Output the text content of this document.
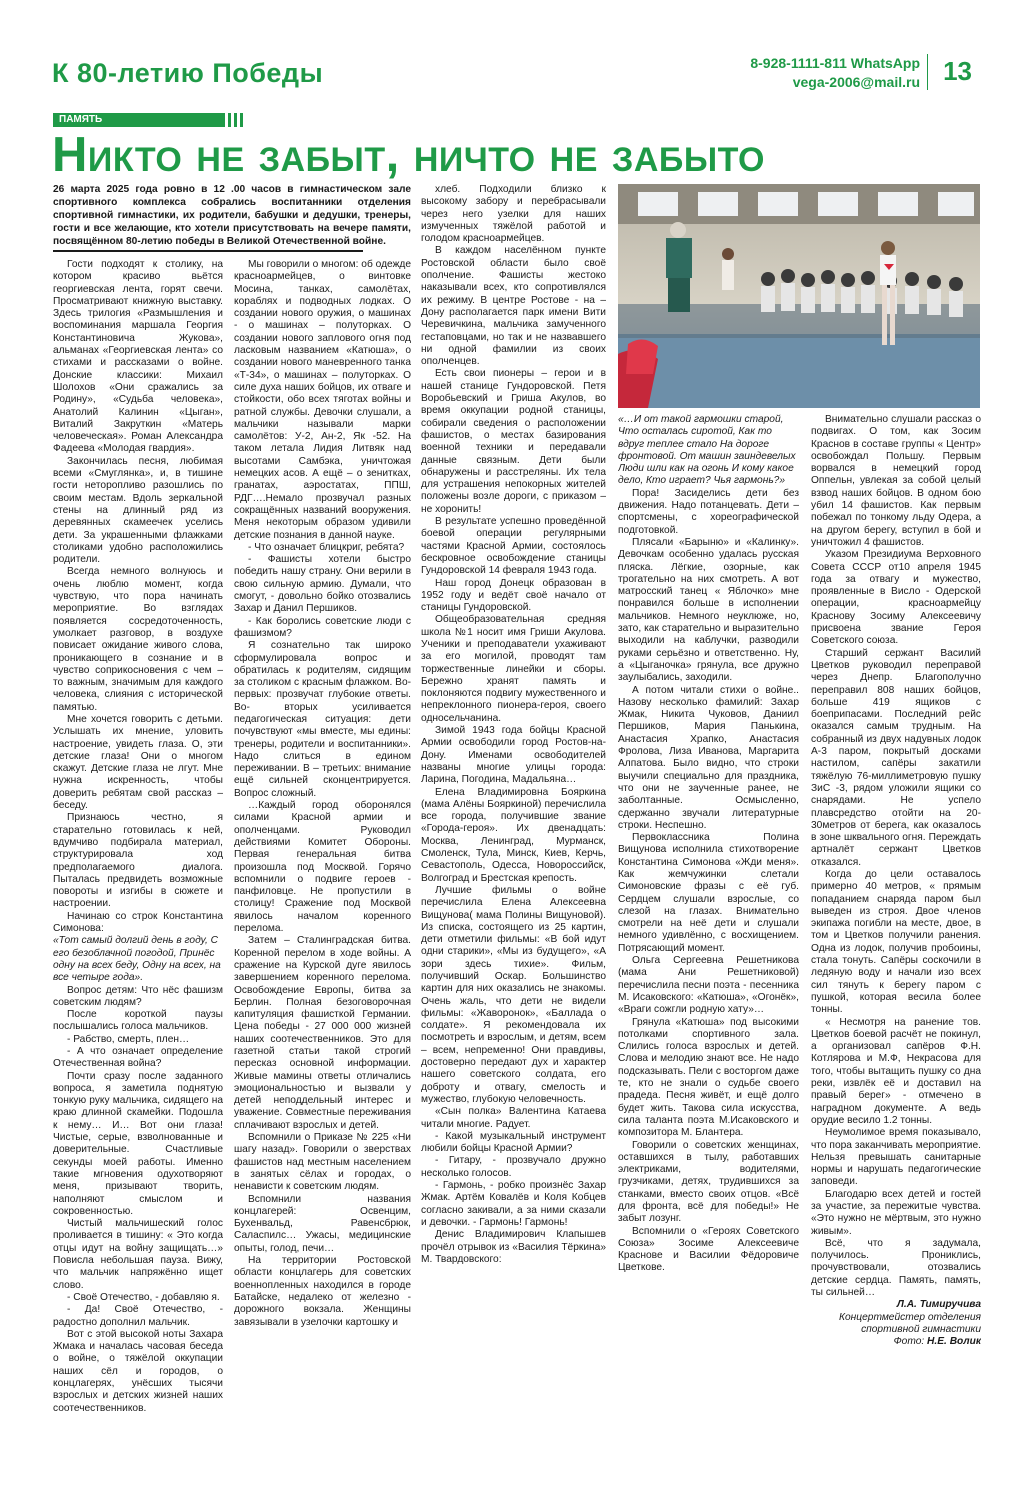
К 80-летию Победы	8-928-1111-811 WhatsApp
vega-2006@mail.ru 13
ПАМЯТЬ
Никто не забыт, ничто не забыто
26 марта 2025 года ровно в 12 .00 часов в гимнастическом зале спортивного комплекса собрались воспитанники отделения спортивной гимнастики, их родители, бабушки и дедушки, тренеры, гости и все желающие, кто хотели присутствовать на вечере памяти, посвящённом 80-летию победы в Великой Отечественной войне.

Гости подходят к столику, на котором красиво вьётся георгиевская лента, горят свечи. Просматривают книжную выставку. Здесь трилогия «Размышления и воспоминания маршала Георгия Константиновича Жукова», альманах «Георгиевская лента» со стихами и рассказами о войне. Донские классики: Михаил Шолохов «Они сражались за Родину», «Судьба человека», Анатолий Калинин «Цыган», Виталий Закруткин «Матерь человеческая». Роман Александра Фадеева «Молодая гвардия».

Закончилась песня, любимая всеми «Смуглянка», и, в тишине гости неторопливо разошлись по своим местам. Вдоль зеркальной стены на длинный ряд из деревянных скамеечек уселись дети. За украшенными флажками столиками удобно расположились родители.

Всегда немного волнуюсь и очень люблю момент, когда чувствую, что пора начинать мероприятие. Во взглядах появляется сосредоточенность, умолкает разговор, в воздухе повисает ожидание живого слова, проникающего в сознание и в чувство соприкосновения с чем – то важным, значимым для каждого человека, слияния с исторической памятью.

Мне хочется говорить с детьми. Услышать их мнение, уловить настроение, увидеть глаза. О, эти детские глаза! Они о многом скажут. Детские глаза не лгут. Мне нужна искренность, чтобы доверить ребятам свой рассказ – беседу.

Признаюсь честно, я старательно готовилась к ней, вдумчиво подбирала материал, структурировала ход предполагаемого диалога. Пыталась предвидеть возможные повороты и изгибы в сюжете и настроении.

Начинаю со строк Константина Симонова:

«Тот самый долгий день в году, С его безоблачной погодой, Принёс одну на всех беду, Одну на всех, на все четыре года».

Вопрос детям: Что нёс фашизм советским людям?

После короткой паузы послышались голоса мальчиков.

- Рабство, смерть, плен…

- А что означает определение Отечественная война?

Почти сразу после заданного вопроса, я заметила поднятую тонкую руку мальчика, сидящего на краю длинной скамейки. Подошла к нему… И… Вот они глаза! Чистые, серые, взволнованные и доверительные. Счастливые секунды моей работы. Именно такие мгновения одухотворяют меня, призывают творить, наполняют смыслом и сокровенностью.

Чистый мальчишеский голос проливается в тишину: « Это когда отцы идут на войну защищать…» Повисла небольшая пауза. Вижу, что мальчик напряжённо ищет слово.

- Своё Отечество, - добавляю я.

- Да! Своё Отечество, - радостно дополнил мальчик.

Вот с этой высокой ноты Захара Жмака и началась часовая беседа о войне, о тяжёлой оккупации наших сёл и городов, о концлагерях, унёсших тысячи взрослых и детских жизней наших соотечественников.

Мы говорили о многом: об одежде красноармейцев, о винтовке Мосина, танках, самолётах, кораблях и подводных лодках. О создании нового оружия, о машинах - о машинах – полуторках. О создании нового заплового огня под ласковым названием «Катюша», о создании нового маневренного танка «Т-34», о машинах – полуторках. О силе духа наших бойцов, их отваге и стойкости, обо всех тяготах войны и ратной службы. Девочки слушали, а мальчики называли марки самолётов: У-2, Ан-2, Як -52. На таком летала Лидия Литвяк над высотами Самбэка, уничтожая немецких асов. А ещё – о зенитках, гранатах, аэростатах, ППШ, РДГ….Немало прозвучал разных сокращённых названий вооружения. Меня некоторым образом удивили детские познания в данной науке.

- Что означает блицкриг, ребята?

- Фашисты хотели быстро победить нашу страну. Они верили в свою сильную армию. Думали, что смогут, - довольно бойко отозвались Захар и Данил Першиков.

- Как боролись советские люди с фашизмом?

Я сознательно так широко сформулировала вопрос и обратилась к родителям, сидящим за столиком с красным флажком. Во-первых: прозвучат глубокие ответы. Во- вторых усиливается педагогическая ситуация: дети почувствуют «мы вместе, мы едины: тренеры, родители и воспитанники». Надо слиться в едином переживании. В – третьих: внимание ещё сильней сконцентрируется. Вопрос сложный.

…Каждый город оборонялся силами Красной армии и ополченцами. Руководил действиями Комитет Обороны. Первая генеральная битва произошла под Москвой. Горячо вспомнили о подвиге героев - панфиловце. Не пропустили в столицу! Сражение под Москвой явилось началом коренного перелома.

Затем – Сталинградская битва. Коренной перелом в ходе войны. А сражение на Курской дуге явилось завершением коренного перелома. Освобождение Европы, битва за Берлин. Полная безоговорочная капитуляция фашисткой Германии. Цена победы - 27 000 000 жизней наших соотечественников. Это для газетной статьи такой строгий пересказ основной информации. Живые мамины ответы отличались эмоциональностью и вызвали у детей неподдельный интерес и уважение. Совместные переживания сплачивают взрослых и детей.

Вспомнили о Приказе № 225 «Ни шагу назад». Говорили о зверствах фашистов над местным населением в занятых сёлах и городах, о ненависти к советским людям.

Вспомнили названия концлагерей: Освенцим, Бухенвальд, Равенсбрюк, Саласпилс… Ужасы, медицинские опыты, голод, печи…

На территории Ростовской области концлагерь для советских военнопленных находился в городе Батайске, недалеко от железно - дорожного вокзала. Женщины завязывали в узелочки картошку и

хлеб. Подходили близко к высокому забору и перебрасывали через него узелки для наших измученных тяжёлой работой и голодом красноармейцев.

В каждом населённом пункте Ростовской области было своё ополчение. Фашисты жестоко наказывали всех, кто сопротивлялся их режиму. В центре Ростове - на – Дону располагается парк имени Вити Черевичкина, мальчика замученного гестаповцами, но так и не назвавшего ни одной фамилии из своих ополченцев.

Есть свои пионеры – герои и в нашей станице Гундоровской. Петя Воробьевский и Гриша Акулов, во время оккупации родной станицы, собирали сведения о расположении фашистов, о местах базирования военной техники и передавали данные связным. Дети были обнаружены и расстреляны. Их тела для устрашения непокорных жителей положены возле дороги, с приказом – не хоронить!

В результате успешно проведённой боевой операции регулярными частями Красной Армии, состоялось бескровное освобождение станицы Гундоровской 14 февраля 1943 года.

Наш город Донецк образован в 1952 году и ведёт своё начало от станицы Гундоровской.

Общеобразовательная средняя школа №1 носит имя Гриши Акулова. Ученики и преподаватели ухаживают за его могилой, проводят там торжественные линейки и сборы. Бережно хранят память и поклоняются подвигу мужественного и непреклонного пионера-героя, своего односельчанина.

Зимой 1943 года бойцы Красной Армии освободили город Ростов-на-Дону. Именами освободителей названы многие улицы города: Ларина, Погодина, Мадальяна…

Елена Владимировна Бояркина (мама Алёны Бояркиной) перечислила все города, получившие звание «Города-героя». Их двенадцать: Москва, Ленинград, Мурманск, Смоленск, Тула, Минск, Киев, Керчь, Севастополь, Одесса, Новороссийск, Волгоград и Брестская крепость.

Лучшие фильмы о войне перечислила Елена Алексеевна Вищунова( мама Полины Вищуновой). Из списка, состоящего из 25 картин, дети отметили фильмы: «В бой идут одни старики», «Мы из будущего», «А зори здесь тихие». Фильм, получивший Оскар. Большинство картин для них оказались не знакомы. Очень жаль, что дети не видели фильмы: «Жаворонок», «Баллада о солдате». Я рекомендовала их посмотреть и взрослым, и детям, всем – всем, непременно! Они правдивы, достоверно передают дух и характер нашего советского солдата, его доброту и отвагу, смелость и мужество, глубокую человечность.

«Сын полка» Валентина Катаева читали многие. Радует.

- Какой музыкальный инструмент любили бойцы Красной Армии?

- Гитару, - прозвучало дружно несколько голосов.

- Гармонь, - робко произнёс Захар Жмак. Артём Ковалёв и Коля Кобцев согласно закивали, а за ними сказали и девочки. - Гармонь! Гармонь!

Денис Владимирович Клапышев прочёл отрывок из «Василия Тёркина» М. Твардовского:

«…И от такой гармошки старой, Что осталась сиротой, Как то вдруг теплее стало На дороге фронтовой. От машин заиндевелых Люди шли как на огонь И кому какое дело, Кто играет? Чья гармонь?»

Пора! Засиделись дети без движения. Надо потанцевать. Дети – спортсмены, с хореографической подготовкой.

Плясали «Барыню» и «Калинку». Девочкам особенно удалась русская пляска. Лёгкие, озорные, как трогательно на них смотреть. А вот матросский танец « Яблочко» мне понравился больше в исполнении мальчиков. Немного неуклюже, но, зато, как старательно и выразительно выходили на каблучки, разводили руками серьёзно и ответственно. Ну, а «Цыганочка» грянула, все дружно заулыбались, заходили.

А потом читали стихи о войне.. Назову несколько фамилий: Захар Жмак, Никита Чуковов, Даниил Першиков, Мария Панькина, Анастасия Храпко, Анастасия Фролова, Лиза Иванова, Маргарита Алпатова. Было видно, что строки выучили специально для праздника, что они не заученные ранее, не заболтанные. Осмысленно, сдержанно звучали литературные строки. Неспешно.

Первоклассника Полина Вищунова исполнила стихотворение Константина Симонова «Жди меня». Как жемчужинки слетали Симоновские фразы с её губ. Сердцем слушали взрослые, со слезой на глазах. Внимательно смотрели на неё дети и слушали немного удивлённо, с восхищением. Потрясающий момент.

Ольга Сергеевна Решетникова (мама Ани Решетниковой) перечислила песни поэта - песенника М. Исаковского: «Катюша», «Огонёк», «Враги сожгли родную хату»…

Грянула «Катюша» под высокими потолками спортивного зала. Слились голоса взрослых и детей. Слова и мелодию знают все. Не надо подсказывать. Пели с восторгом даже те, кто не знали о судьбе своего прадеда. Песня живёт, и ещё долго будет жить. Такова сила искусства, сила таланта поэта М.Исаковского и композитора М. Блантера.

Говорили о советских женщинах, оставшихся в тылу, работавших электриками, водителями, грузчиками, детях, трудившихся за станками, вместо своих отцов. «Всё для фронта, всё для победы!» Не забыт лозунг.

Вспомнили о «Героях Советского Союза» Зосиме Алексеевиче Краснове и Василии Фёдоровиче Цветкове.

Внимательно слушали рассказ о подвигах. О том, как Зосим Краснов в составе группы « Центр» освобождал Польшу. Первым ворвался в немецкий город Оппельн, увлекая за собой целый взвод наших бойцов. В одном бою убил 14 фашистов. Как первым побежал по тонкому льду Одера, а на другом берегу, вступил в бой и уничтожил 4 фашистов.

Указом Президиума Верховного Совета СССР от10 апреля 1945 года за отвагу и мужество, проявленные в Висло - Одерской операции, красноармейцу Краснову Зосиму Алексеевичу присвоена звание Героя Советского союза.

Старший сержант Василий Цветков руководил переправой через Днепр. Благополучно переправил 808 наших бойцов, больше 419 ящиков с боеприпасами. Последний рейс оказался самым трудным. На собранный из двух надувных лодок А-3 паром, покрытый досками настилом, сапёры закатили тяжёлую 76-миллиметровую пушку ЗиС -3, рядом уложили ящики со снарядами. Не успело плавсредство отойти на 20-30метров от берега, как оказалось в зоне шквального огня. Переждать артналёт сержант Цветков отказался.

Когда до цели оставалось примерно 40 метров, « прямым попаданием снаряда паром был выведен из строя. Двое членов экипажа погибли на месте, двое, в том и Цветков получили ранения. Одна из лодок, получив пробоины, стала тонуть. Сапёры соскочили в ледяную воду и начали изо всех сил тянуть к берегу паром с пушкой, которая весила более тонны.

« Несмотря на ранение тов. Цветков боевой расчёт не покинул, а организовал сапёров Ф.Н. Котлярова и М.Ф, Некрасова для того, чтобы вытащить пушку со дна реки, извлёк её и доставил на правый берег» - отмечено в наградном документе. А ведь орудие весило 1.2 тонны.

Неумолимое время показывало, что пора заканчивать мероприятие. Нельзя превышать санитарные нормы и нарушать педагогические заповеди.

Благодарю всех детей и гостей за участие, за пережитые чувства. «Это нужно не мёртвым, это нужно живым».

Всё, что я задумала, получилось. Прониклись, прочувствовали, отозвались детские сердца. Память, память, ты сильней…

Л.А. Тимиручива

Концертмейстер отделения спортивной гимнастики

Фото: Н.Е. Волик
